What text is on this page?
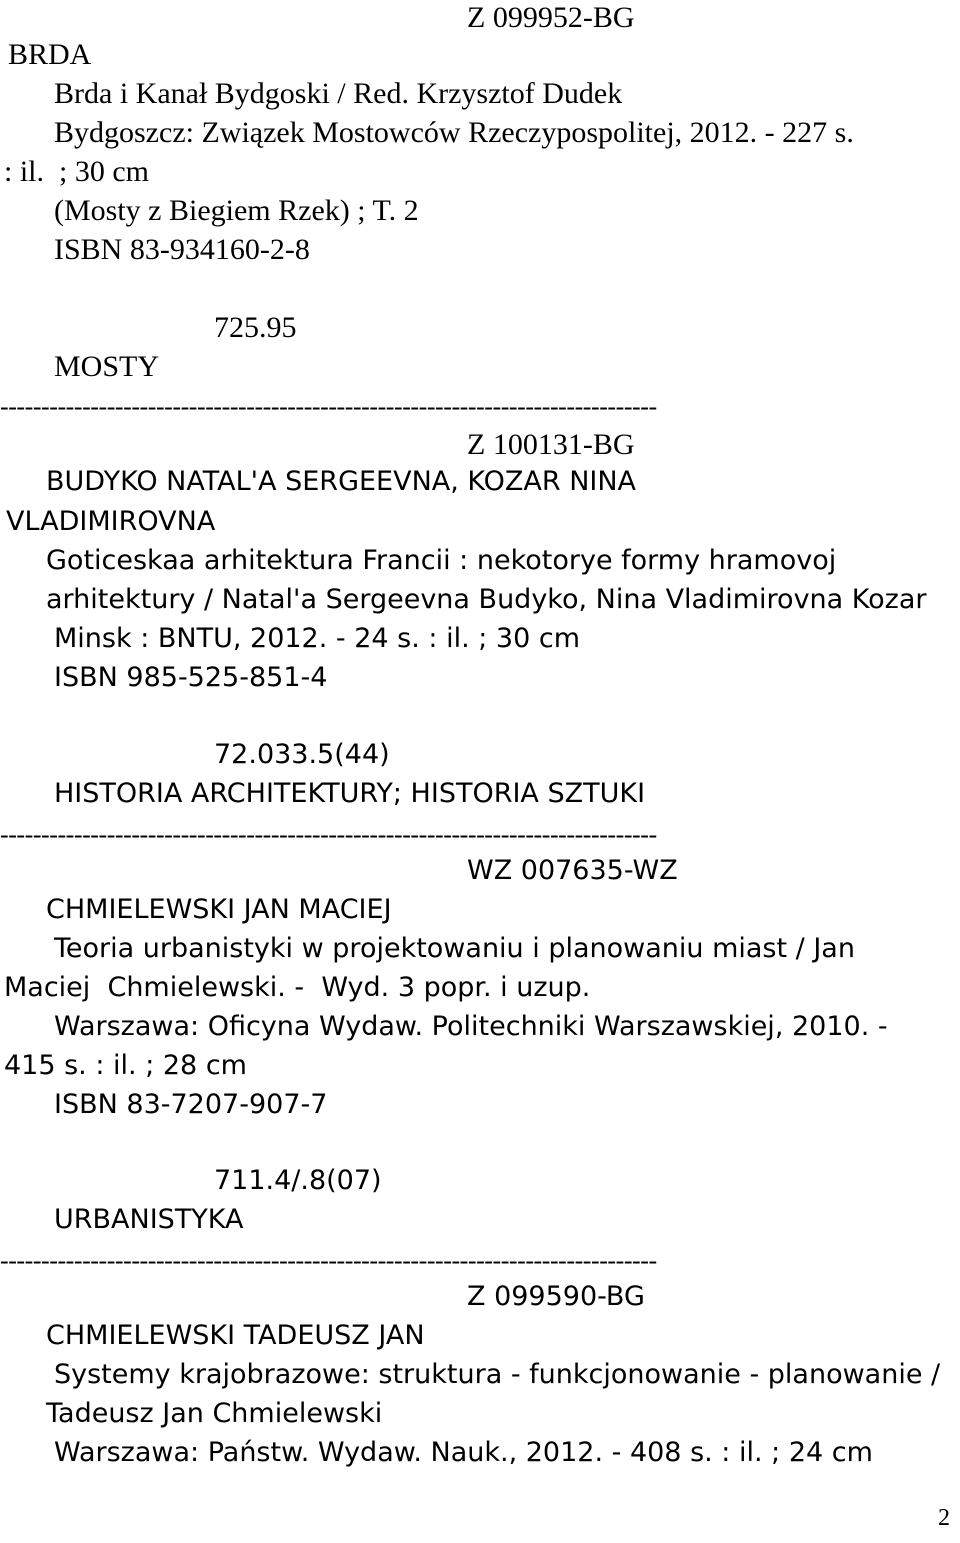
Z 099952-BG
BRDA
Brda i Kanał Bydgoski / Red. Krzysztof Dudek
Bydgoszcz: Związek Mostowców Rzeczypospolitej, 2012. - 227 s.
: il.  ; 30 cm
(Mosty z Biegiem Rzek) ; T. 2
ISBN 83-934160-2-8
725.95
MOSTY
--------------------------------------------------------------------------------
Z 100131-BG
BUDYKO NATAL'A SERGEEVNA, KOZAR NINA
VLADIMIROVNA
Goticeskaa arhitektura Francii : nekotorye formy hramovoj
arhitektury / Natal'a Sergeevna Budyko, Nina Vladimirovna Kozar
Minsk : BNTU, 2012. - 24 s. : il. ; 30 cm
ISBN 985-525-851-4
72.033.5(44)
HISTORIA ARCHITEKTURY; HISTORIA SZTUKI
--------------------------------------------------------------------------------
WZ 007635-WZ
CHMIELEWSKI JAN MACIEJ
Teoria urbanistyki w projektowaniu i planowaniu miast / Jan
Maciej  Chmielewski. -  Wyd. 3 popr. i uzup.
Warszawa: Oficyna Wydaw. Politechniki Warszawskiej, 2010. -
415 s. : il. ; 28 cm
ISBN 83-7207-907-7
711.4/.8(07)
URBANISTYKA
--------------------------------------------------------------------------------
Z 099590-BG
CHMIELEWSKI TADEUSZ JAN
Systemy krajobrazowe: struktura - funkcjonowanie - planowanie /
Tadeusz Jan Chmielewski
Warszawa: Państw. Wydaw. Nauk., 2012. - 408 s. : il. ; 24 cm
2
